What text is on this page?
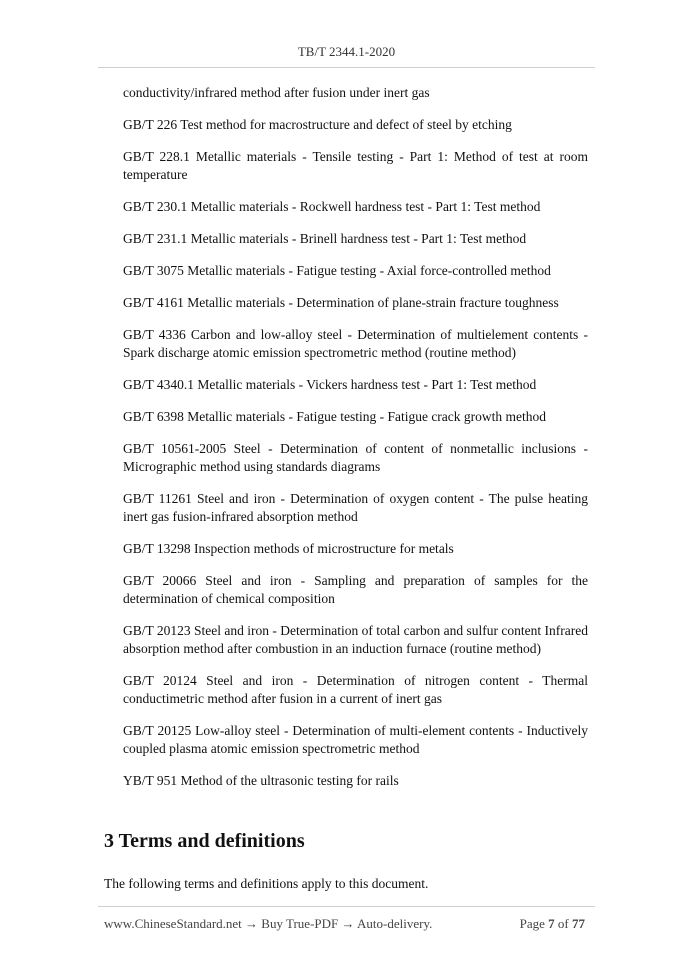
TB/T 2344.1-2020

conductivity/infrared method after fusion under inert gas

GB/T 226 Test method for macrostructure and defect of steel by etching

GB/T 228.1 Metallic materials - Tensile testing - Part 1: Method of test at room temperature

GB/T 230.1 Metallic materials - Rockwell hardness test - Part 1: Test method

GB/T 231.1 Metallic materials - Brinell hardness test - Part 1: Test method

GB/T 3075 Metallic materials - Fatigue testing - Axial force-controlled method

GB/T 4161 Metallic materials - Determination of plane-strain fracture toughness

GB/T 4336 Carbon and low-alloy steel - Determination of multielement contents - Spark discharge atomic emission spectrometric method (routine method)

GB/T 4340.1 Metallic materials - Vickers hardness test - Part 1: Test method

GB/T 6398 Metallic materials - Fatigue testing - Fatigue crack growth method

GB/T 10561-2005 Steel - Determination of content of nonmetallic inclusions - Micrographic method using standards diagrams

GB/T 11261 Steel and iron - Determination of oxygen content - The pulse heating inert gas fusion-infrared absorption method

GB/T 13298 Inspection methods of microstructure for metals

GB/T 20066 Steel and iron - Sampling and preparation of samples for the determination of chemical composition

GB/T 20123 Steel and iron - Determination of total carbon and sulfur content Infrared absorption method after combustion in an induction furnace (routine method)

GB/T 20124 Steel and iron - Determination of nitrogen content - Thermal conductimetric method after fusion in a current of inert gas

GB/T 20125 Low-alloy steel - Determination of multi-element contents - Inductively coupled plasma atomic emission spectrometric method

YB/T 951 Method of the ultrasonic testing for rails

3 Terms and definitions

The following terms and definitions apply to this document.

www.ChineseStandard.net → Buy True-PDF → Auto-delivery.	Page 7 of 77
